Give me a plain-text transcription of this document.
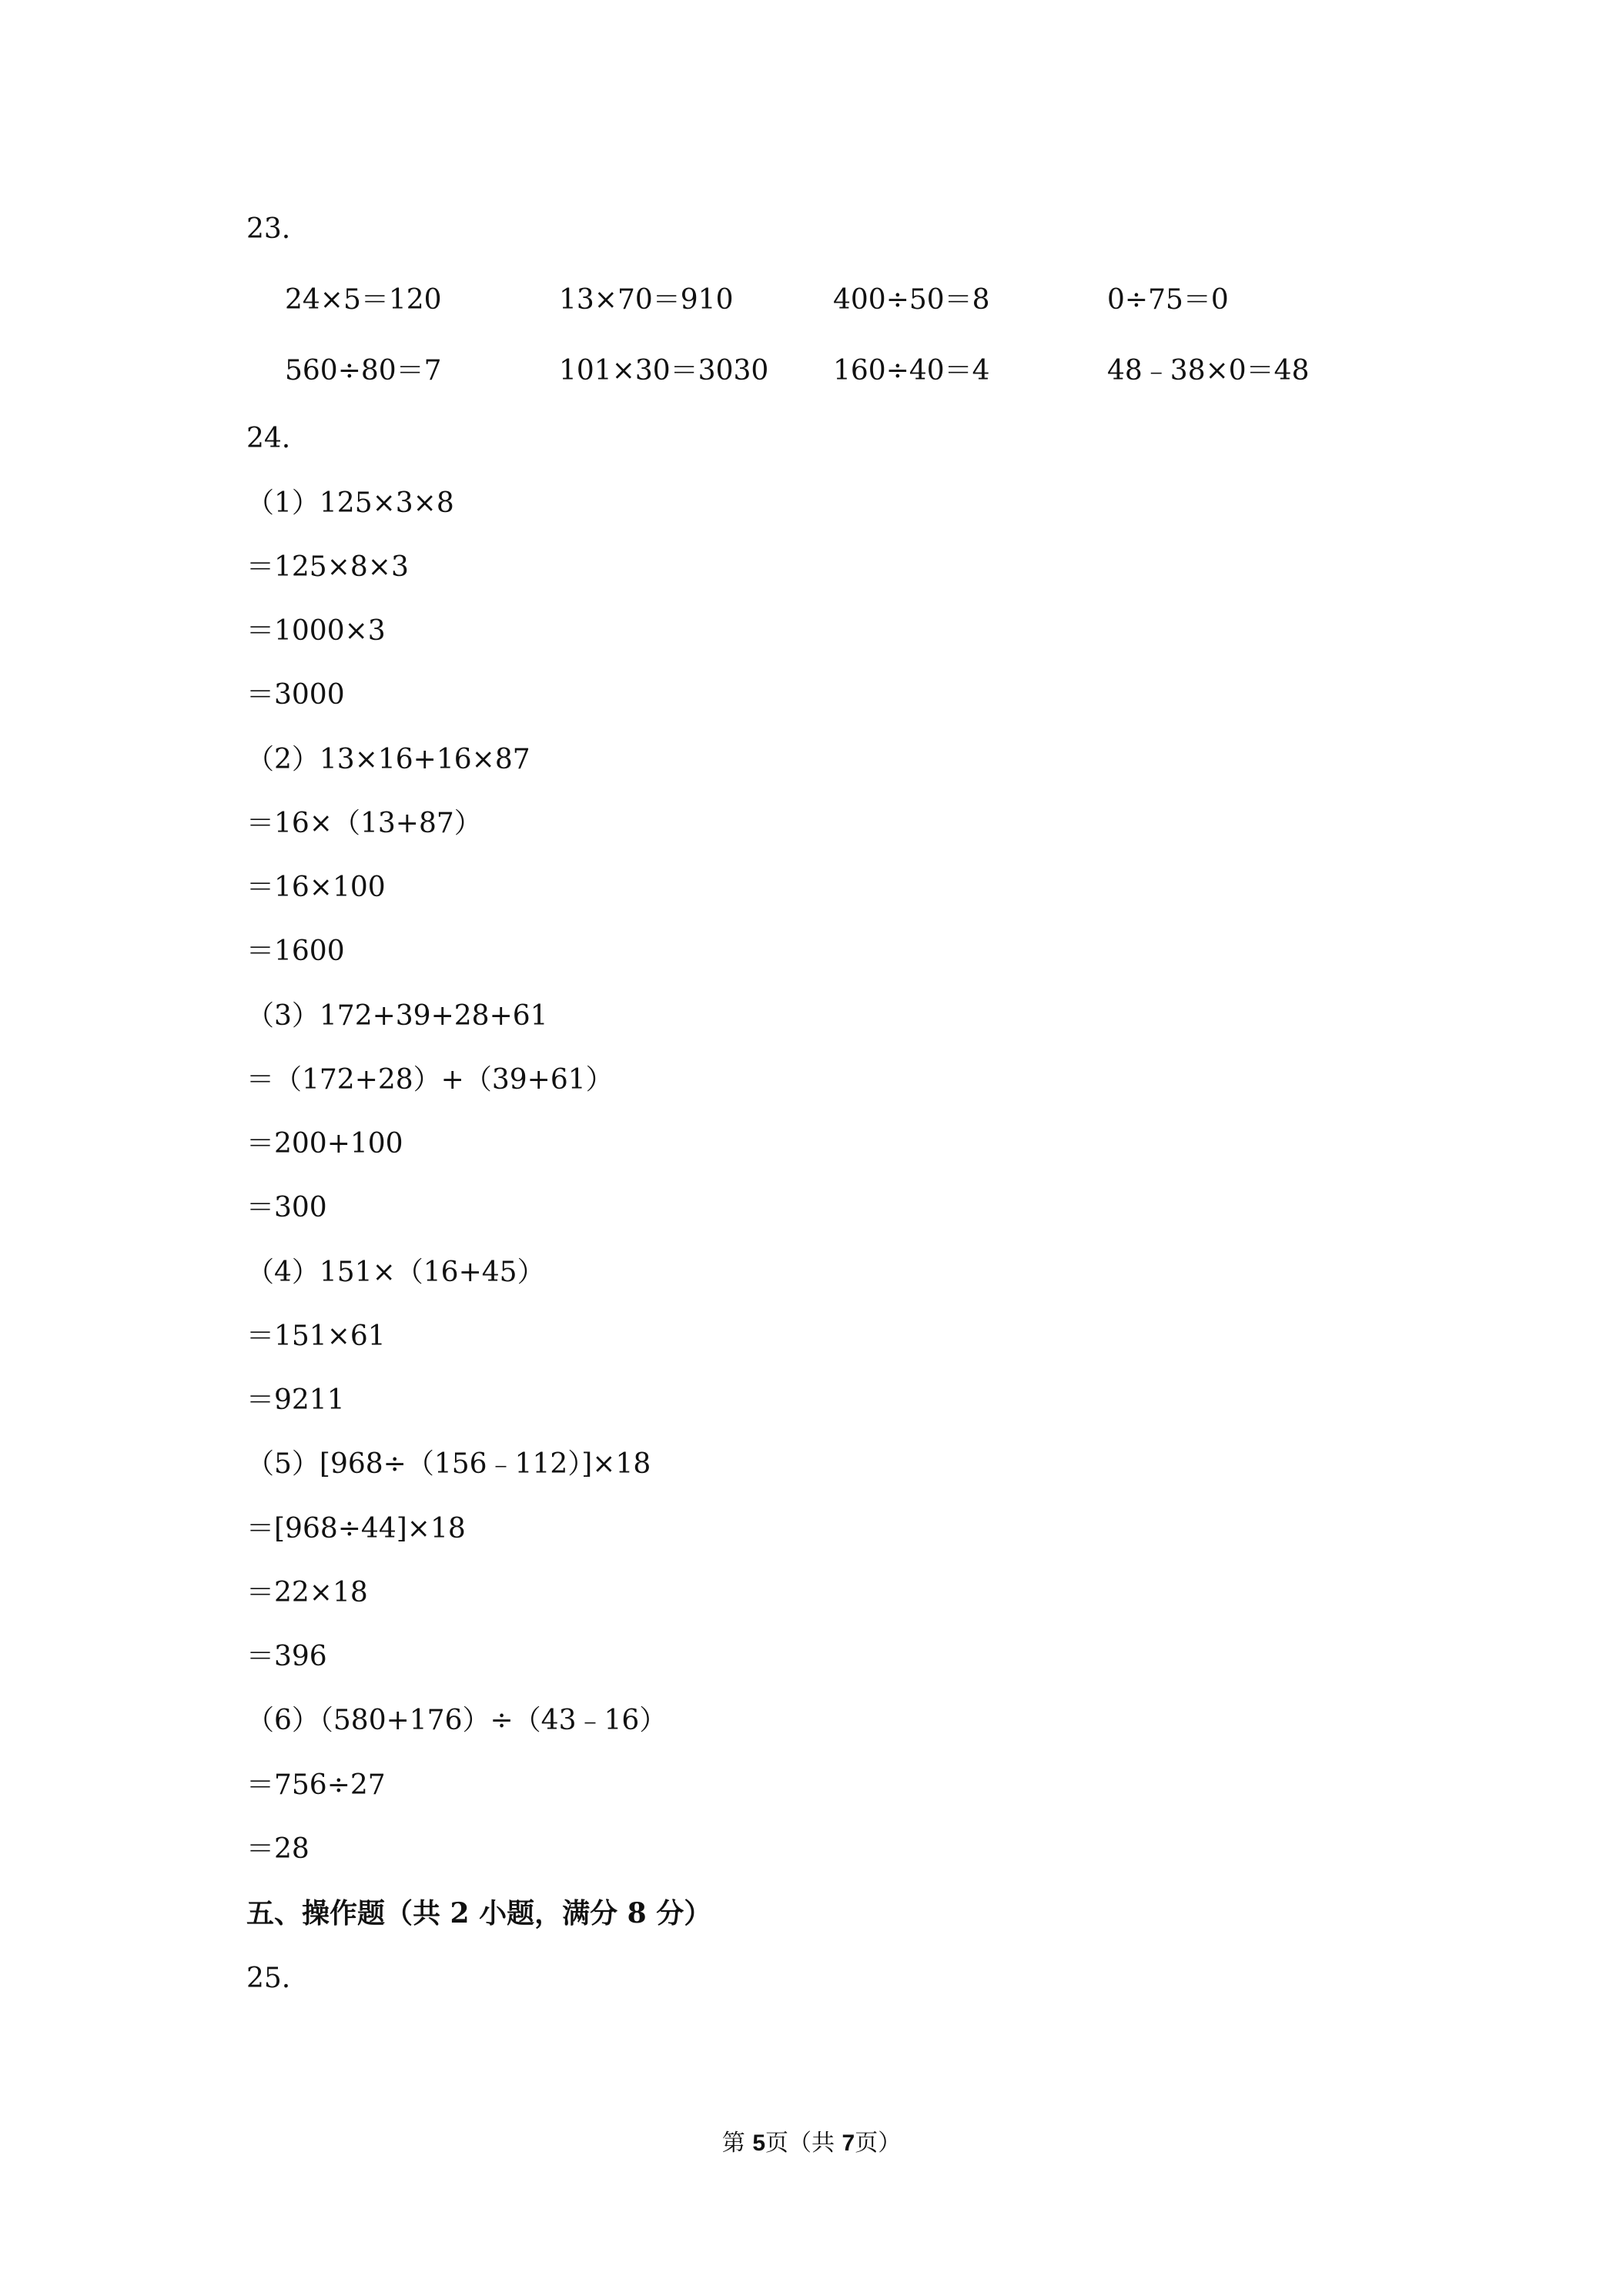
23.
24×5＝120	13×70＝910	400÷50＝8	0÷75＝0
560÷80＝7	101×30＝3030 160÷40＝4	48﹣38×0＝48
24.
（1）125×3×8
＝125×8×3
＝1000×3
＝3000
（2）13×16+16×87
＝16×（13+87）
＝16×100
＝1600
（3）172+39+28+61
＝（172+28）+（39+61）
＝200+100
＝300
（4）151×（16+45）
＝151×61
＝9211
（5）[968÷（156﹣112）]×18
＝[968÷44]×18
＝22×18
＝396
（6）（580+176）÷（43﹣16）
＝756÷27
＝28
五、操作题（共 2 小题，满分 8 分）
25.
第 5页（共 7页）
